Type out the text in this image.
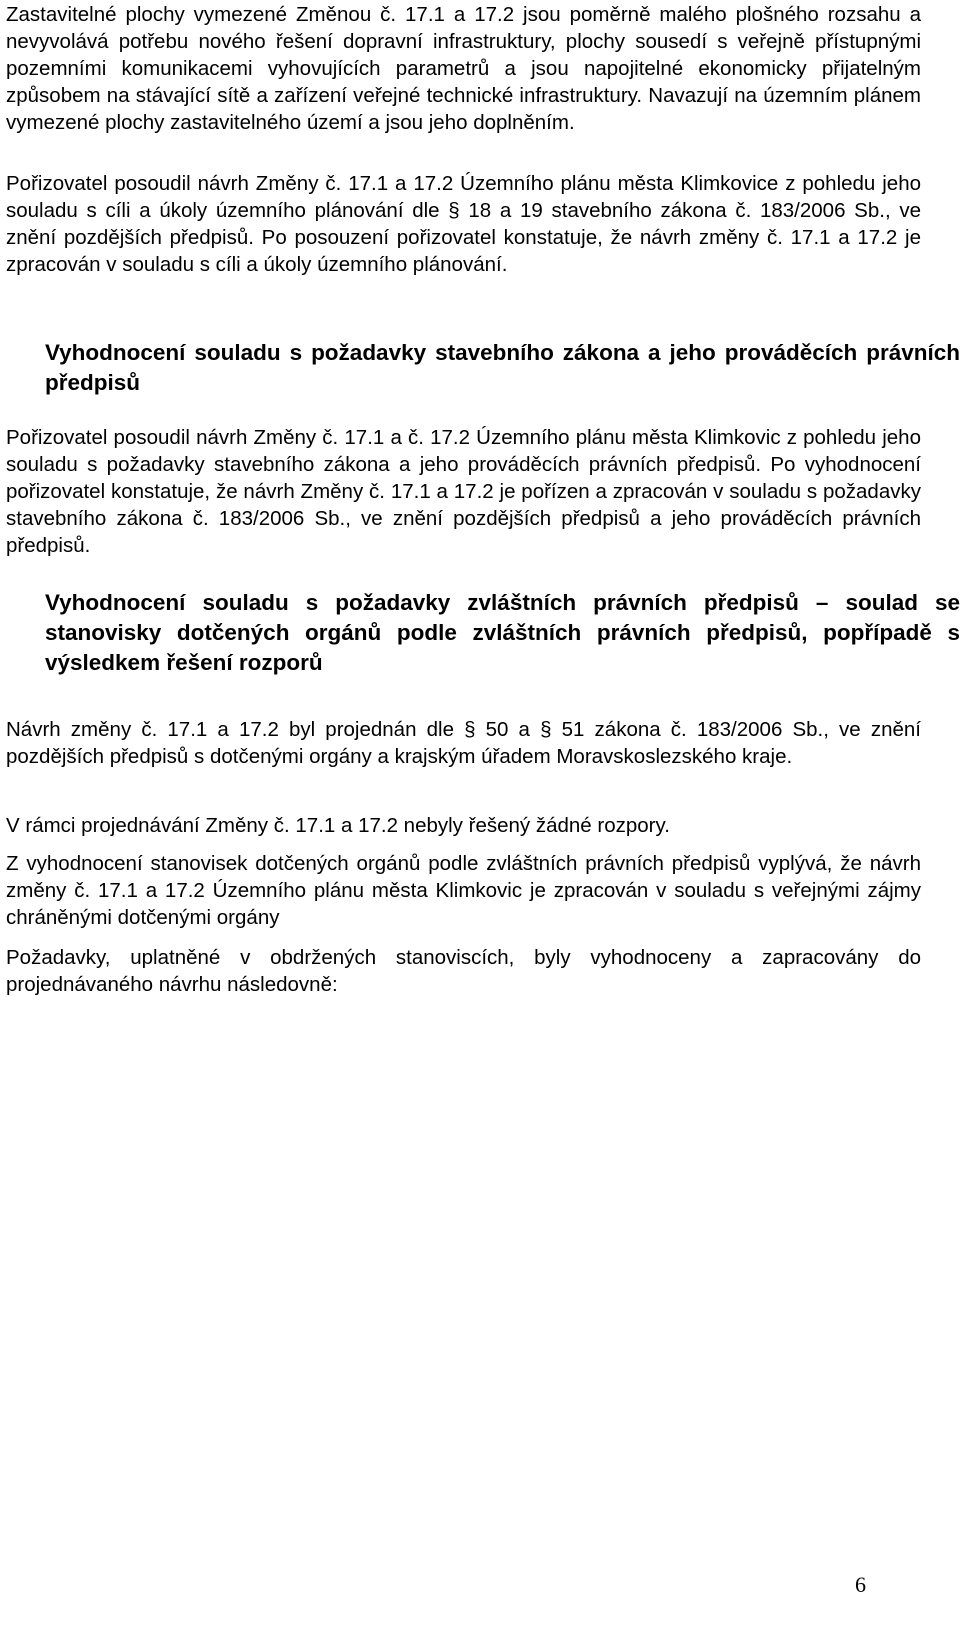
Zastavitelné plochy vymezené Změnou č. 17.1 a 17.2 jsou poměrně malého plošného rozsahu a nevyvolává potřebu nového řešení dopravní infrastruktury, plochy sousedí s veřejně přístupnými pozemními komunikacemi vyhovujících parametrů a jsou napojitelné ekonomicky přijatelným způsobem na stávající sítě a zařízení veřejné technické infrastruktury. Navazují na územním plánem vymezené plochy zastavitelného území a jsou jeho doplněním.

Pořizovatel posoudil návrh Změny č. 17.1 a 17.2 Územního plánu města Klimkovice z pohledu jeho souladu s cíli a úkoly územního plánování dle § 18 a 19 stavebního zákona č. 183/2006 Sb., ve znění pozdějších předpisů. Po posouzení pořizovatel konstatuje, že návrh změny č. 17.1 a 17.2 je zpracován v souladu s cíli a úkoly územního plánování.

Vyhodnocení souladu s požadavky stavebního zákona a jeho prováděcích právních předpisů

Pořizovatel posoudil návrh Změny č. 17.1 a č. 17.2 Územního plánu města Klimkovic z pohledu jeho souladu s požadavky stavebního zákona a jeho prováděcích právních předpisů. Po vyhodnocení pořizovatel konstatuje, že návrh Změny č. 17.1 a 17.2 je pořízen a zpracován v souladu s požadavky stavebního zákona č. 183/2006 Sb., ve znění pozdějších předpisů a jeho prováděcích právních předpisů.

Vyhodnocení souladu s požadavky zvláštních právních předpisů – soulad se stanovisky dotčených orgánů podle zvláštních právních předpisů, popřípadě s výsledkem řešení rozporů

Návrh změny č. 17.1 a 17.2 byl projednán dle § 50 a § 51 zákona č. 183/2006 Sb., ve znění pozdějších předpisů s dotčenými orgány a krajským úřadem Moravskoslezského kraje.

V rámci projednávání Změny č. 17.1 a 17.2 nebyly řešený žádné rozpory.

Z vyhodnocení stanovisek dotčených orgánů podle zvláštních právních předpisů vyplývá, že návrh změny č. 17.1 a 17.2 Územního plánu města Klimkovic je zpracován v souladu s veřejnými zájmy chráněnými dotčenými orgány

Požadavky, uplatněné v obdržených stanoviscích, byly vyhodnoceny a zapracovány do projednávaného návrhu následovně:

6
